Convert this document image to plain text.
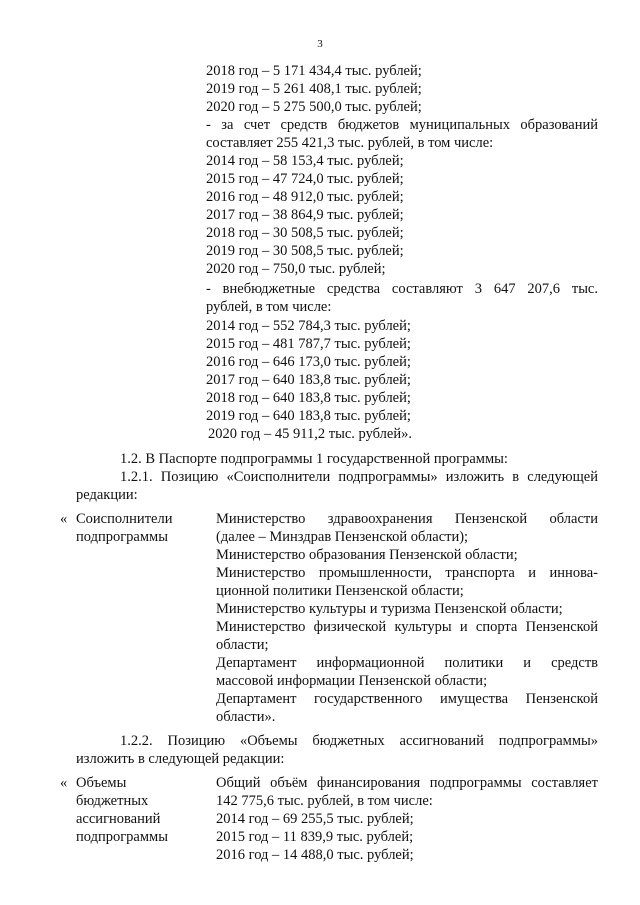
3
2018 год – 5 171 434,4 тыс. рублей;
2019 год – 5 261 408,1 тыс. рублей;
2020 год – 5 275 500,0 тыс. рублей;
- за счет средств бюджетов муниципальных образований
составляет 255 421,3 тыс. рублей, в том числе:
2014 год – 58 153,4 тыс. рублей;
2015 год – 47 724,0 тыс. рублей;
2016 год – 48 912,0 тыс. рублей;
2017 год – 38 864,9 тыс. рублей;
2018 год – 30 508,5 тыс. рублей;
2019 год – 30 508,5 тыс. рублей;
2020 год – 750,0 тыс. рублей;
- внебюджетные средства составляют 3 647 207,6 тыс.
рублей, в том числе:
2014 год – 552 784,3 тыс. рублей;
2015 год – 481 787,7 тыс. рублей;
2016 год – 646 173,0 тыс. рублей;
2017 год – 640 183,8 тыс. рублей;
2018 год – 640 183,8 тыс. рублей;
2019 год – 640 183,8 тыс. рублей;
2020 год – 45 911,2 тыс. рублей».
1.2. В Паспорте подпрограммы 1 государственной программы:
1.2.1. Позицию «Соисполнители подпрограммы» изложить в следующей
редакции:
« Соисполнители
подпрограммы
Министерство здравоохранения Пензенской области
(далее – Минздрав Пензенской области);
Министерство образования Пензенской области;
Министерство промышленности, транспорта и иннова-
ционной политики Пензенской области;
Министерство культуры и туризма Пензенской области;
Министерство физической культуры и спорта Пензенской
области;
Департамент информационной политики и средств
массовой информации Пензенской области;
Департамент государственного имущества Пензенской
области».
1.2.2. Позицию «Объемы бюджетных ассигнований подпрограммы»
изложить в следующей редакции:
« Объемы
бюджетных
ассигнований
подпрограммы
Общий объём финансирования подпрограммы составляет
142 775,6 тыс. рублей, в том числе:
2014 год – 69 255,5 тыс. рублей;
2015 год – 11 839,9 тыс. рублей;
2016 год – 14 488,0 тыс. рублей;
